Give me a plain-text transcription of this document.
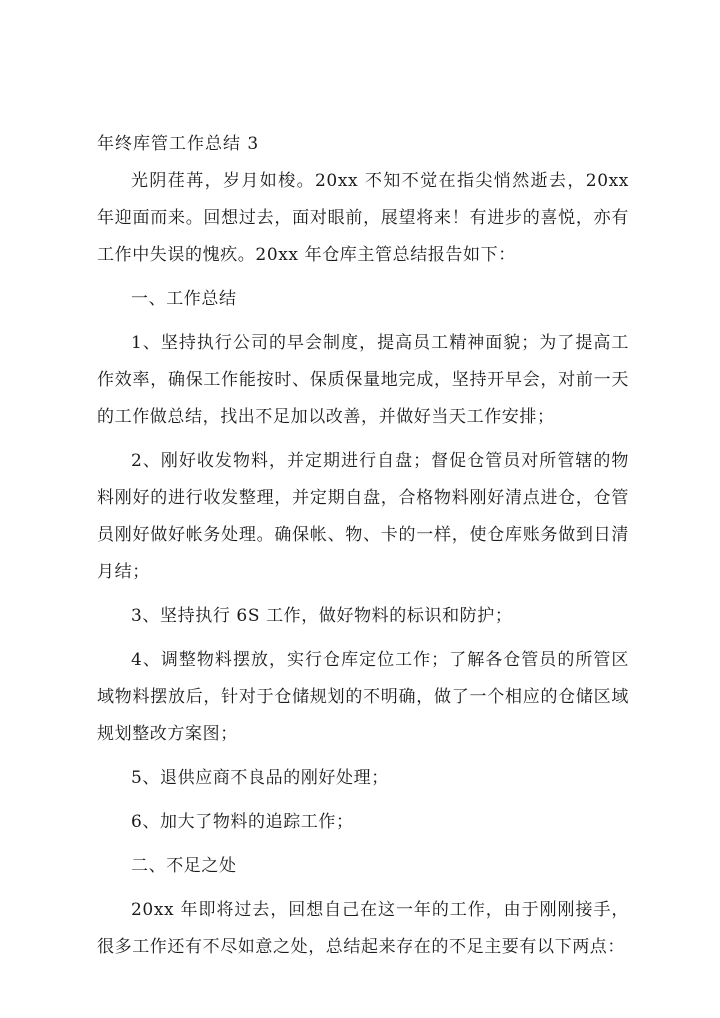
年终库管工作总结 3

光阴荏苒，岁月如梭。20xx 不知不觉在指尖悄然逝去，20xx 年迎面而来。回想过去，面对眼前，展望将来！有进步的喜悦，亦有工作中失误的愧疚。20xx 年仓库主管总结报告如下：

一、工作总结

1、坚持执行公司的早会制度，提高员工精神面貌；为了提高工作效率，确保工作能按时、保质保量地完成，坚持开早会，对前一天的工作做总结，找出不足加以改善，并做好当天工作安排；

2、刚好收发物料，并定期进行自盘；督促仓管员对所管辖的物料刚好的进行收发整理，并定期自盘，合格物料刚好清点进仓，仓管员刚好做好帐务处理。确保帐、物、卡的一样，使仓库账务做到日清月结；

3、坚持执行 6S 工作，做好物料的标识和防护；

4、调整物料摆放，实行仓库定位工作；了解各仓管员的所管区域物料摆放后，针对于仓储规划的不明确，做了一个相应的仓储区域规划整改方案图；

5、退供应商不良品的刚好处理；

6、加大了物料的追踪工作；

二、不足之处

20xx 年即将过去，回想自己在这一年的工作，由于刚刚接手，很多工作还有不尽如意之处，总结起来存在的不足主要有以下两点：
